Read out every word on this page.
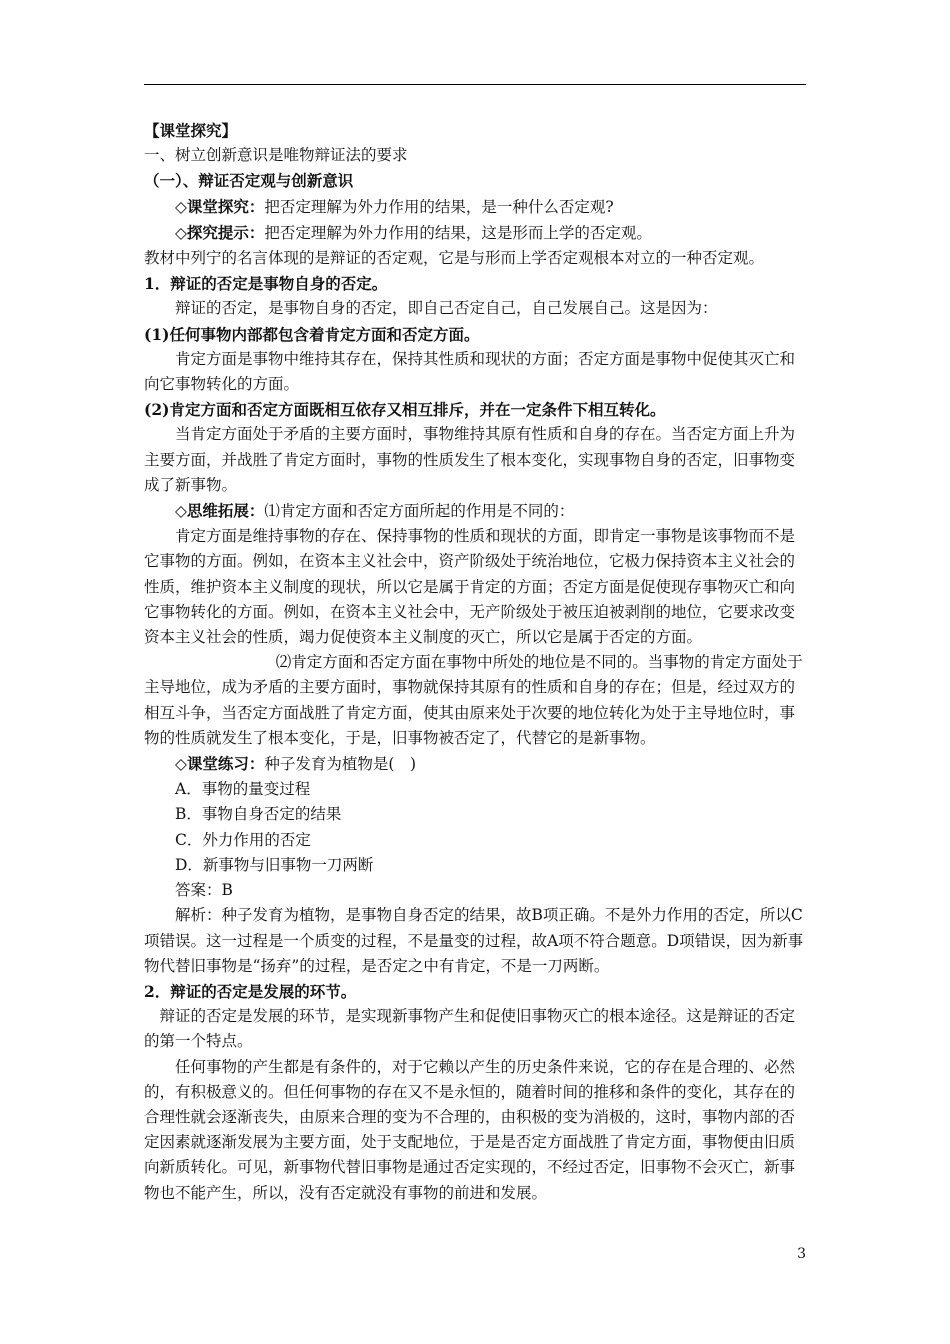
【课堂探究】

一、树立创新意识是唯物辩证法的要求

（一）、辩证否定观与创新意识

◇课堂探究：把否定理解为外力作用的结果，是一种什么否定观?

◇探究提示：把否定理解为外力作用的结果，这是形而上学的否定观。

教材中列宁的名言体现的是辩证的否定观，它是与形而上学否定观根本对立的一种否定观。

1．辩证的否定是事物自身的否定。

辩证的否定，是事物自身的否定，即自己否定自己，自己发展自己。这是因为：

(1)任何事物内部都包含着肯定方面和否定方面。

肯定方面是事物中维持其存在，保持其性质和现状的方面；否定方面是事物中促使其灭亡和向它事物转化的方面。

(2)肯定方面和否定方面既相互依存又相互排斥，并在一定条件下相互转化。

当肯定方面处于矛盾的主要方面时，事物维持其原有性质和自身的存在。当否定方面上升为主要方面，并战胜了肯定方面时，事物的性质发生了根本变化，实现事物自身的否定，旧事物变成了新事物。

◇思维拓展：⑴肯定方面和否定方面所起的作用是不同的：

肯定方面是维持事物的存在、保持事物的性质和现状的方面，即肯定一事物是该事物而不是它事物的方面。例如，在资本主义社会中，资产阶级处于统治地位，它极力保持资本主义社会的性质，维护资本主义制度的现状，所以它是属于肯定的方面；否定方面是促使现存事物灭亡和向它事物转化的方面。例如，在资本主义社会中，无产阶级处于被压迫被剥削的地位，它要求改变资本主义社会的性质，竭力促使资本主义制度的灭亡，所以它是属于否定的方面。

⑵肯定方面和否定方面在事物中所处的地位是不同的。当事物的肯定方面处于主导地位，成为矛盾的主要方面时，事物就保持其原有的性质和自身的存在；但是，经过双方的相互斗争，当否定方面战胜了肯定方面，使其由原来处于次要的地位转化为处于主导地位时，事物的性质就发生了根本变化，于是，旧事物被否定了，代替它的是新事物。

◇课堂练习：种子发育为植物是(　)

A．事物的量变过程

B．事物自身否定的结果

C．外力作用的否定

D．新事物与旧事物一刀两断

答案：B

解析：种子发育为植物，是事物自身否定的结果，故B项正确。不是外力作用的否定，所以C项错误。这一过程是一个质变的过程，不是量变的过程，故A项不符合题意。D项错误，因为新事物代替旧事物是“扬弃”的过程，是否定之中有肯定，不是一刀两断。

2．辩证的否定是发展的环节。

辩证的否定是发展的环节，是实现新事物产生和促使旧事物灭亡的根本途径。这是辩证的否定的第一个特点。

任何事物的产生都是有条件的，对于它赖以产生的历史条件来说，它的存在是合理的、必然的，有积极意义的。但任何事物的存在又不是永恒的，随着时间的推移和条件的变化，其存在的合理性就会逐渐丧失，由原来合理的变为不合理的，由积极的变为消极的，这时，事物内部的否定因素就逐渐发展为主要方面，处于支配地位，于是是否定方面战胜了肯定方面，事物便由旧质向新质转化。可见，新事物代替旧事物是通过否定实现的，不经过否定，旧事物不会灭亡，新事物也不能产生，所以，没有否定就没有事物的前进和发展。

3
